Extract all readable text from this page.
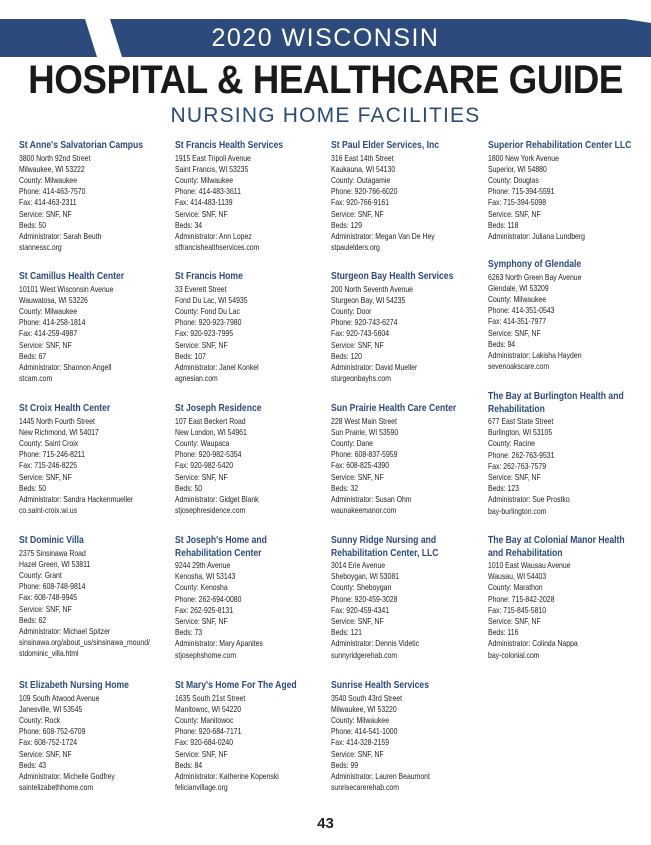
2020 WISCONSIN
HOSPITAL & HEALTHCARE GUIDE
NURSING HOME FACILITIES
St Anne's Salvatorian Campus
3800 North 92nd Street
Milwaukee, WI 53222
County: Milwaukee
Phone: 414-463-7570
Fax: 414-463-2311
Service: SNF, NF
Beds: 50
Administrator: Sarah Beuth
stannessc.org
St Camillus Health Center
10101 West Wisconsin Avenue
Wauwatosa, WI 53226
County: Milwaukee
Phone: 414-258-1814
Fax: 414-259-4987
Service: SNF, NF
Beds: 67
Administrator: Shannon Angell
stcam.com
St Croix Health Center
1445 North Fourth Street
New Richmond, WI 54017
County: Saint Croix
Phone: 715-246-8211
Fax: 715-246-8225
Service: SNF, NF
Beds: 50
Administrator: Sandra Hackenmueller
co.saint-croix.wi.us
St Dominic Villa
2375 Sinsinawa Road
Hazel Green, WI 53811
County: Grant
Phone: 608-748-9814
Fax: 608-748-9945
Service: SNF, NF
Beds: 62
Administrator: Michael Spitzer
sinsinawa.org/about_us/sinsinawa_mound/
stdominic_villa.html
St Elizabeth Nursing Home
109 South Atwood Avenue
Janesville, WI 53545
County: Rock
Phone: 608-752-6709
Fax: 608-752-1724
Service: SNF, NF
Beds: 43
Administrator: Michelle Godfrey
saintelizabethhome.com
St Francis Health Services
1915 East Tripoli Avenue
Saint Francis, WI 53235
County: Milwaukee
Phone: 414-483-3611
Fax: 414-483-1139
Service: SNF, NF
Beds: 34
Administrator: Ann Lopez
stfrancishealthservices.com
St Francis Home
33 Everett Street
Fond Du Lac, WI 54935
County: Fond Du Lac
Phone: 920-923-7980
Fax: 920-923-7995
Service: SNF, NF
Beds: 107
Administrator: Janel Konkel
agnesian.com
St Joseph Residence
107 East Beckert Road
New London, WI 54961
County: Waupaca
Phone: 920-982-5354
Fax: 920-982-5420
Service: SNF, NF
Beds: 50
Administrator: Gidget Blank
stjosephresidence.com
St Joseph's Home and Rehabilitation Center
9244 29th Avenue
Kenosha, WI 53143
County: Kenosha
Phone: 262-694-0080
Fax: 262-925-8131
Service: SNF, NF
Beds: 73
Administrator: Mary Apanites
stjosephshome.com
St Mary's Home For The Aged
1635 South 21st Street
Manitowoc, WI 54220
County: Manitowoc
Phone: 920-684-7171
Fax: 920-684-0240
Service: SNF, NF
Beds: 84
Administrator: Katherine Kopenski
felicianvillage.org
St Paul Elder Services, Inc
316 East 14th Street
Kaukauna, WI 54130
County: Outagamie
Phone: 920-766-6020
Fax: 920-766-9161
Service: SNF, NF
Beds: 129
Administrator: Megan Van De Hey
stpaulelders.org
Sturgeon Bay Health Services
200 North Seventh Avenue
Sturgeon Bay, WI 54235
County: Door
Phone: 920-743-6274
Fax: 920-743-5604
Service: SNF, NF
Beds: 120
Administrator: David Mueller
sturgeonbayhs.com
Sun Prairie Health Care Center
228 West Main Street
Sun Prairie, WI 53590
County: Dane
Phone: 608-837-5959
Fax: 608-825-4390
Service: SNF, NF
Beds: 32
Administrator: Susan Ohm
waunakeemanor.com
Sunny Ridge Nursing and Rehabilitation Center, LLC
3014 Erie Avenue
Sheboygan, WI 53081
County: Sheboygan
Phone: 920-459-3028
Fax: 920-459-4341
Service: SNF, NF
Beds: 121
Administrator: Dennis Videtic
sunnyridgerehab.com
Sunrise Health Services
3540 South 43rd Street
Milwaukee, WI 53220
County: Milwaukee
Phone: 414-541-1000
Fax: 414-328-2159
Service: SNF, NF
Beds: 99
Administrator: Lauren Beaumont
sunrisecarerehab.com
Superior Rehabilitation Center LLC
1800 New York Avenue
Superior, WI 54880
County: Douglas
Phone: 715-394-5591
Fax: 715-394-5098
Service: SNF, NF
Beds: 118
Administrator: Juliana Lundberg
Symphony of Glendale
6263 North Green Bay Avenue
Glendale, WI 53209
County: Milwaukee
Phone: 414-351-0543
Fax: 414-351-7977
Service: SNF, NF
Beds: 94
Administrator: Lakisha Hayden
sevenoakscare.com
The Bay at Burlington Health and Rehabilitation
677 East State Street
Burlington, WI 53105
County: Racine
Phone: 262-763-9531
Fax: 262-763-7579
Service: SNF, NF
Beds: 123
Administrator: Sue Prostko
bay-burlington.com
The Bay at Colonial Manor Health and Rehabilitation
1010 East Wausau Avenue
Wausau, WI 54403
County: Marathon
Phone: 715-842-2028
Fax: 715-845-5810
Service: SNF, NF
Beds: 116
Administrator: Colinda Nappa
bay-colonial.com
43
